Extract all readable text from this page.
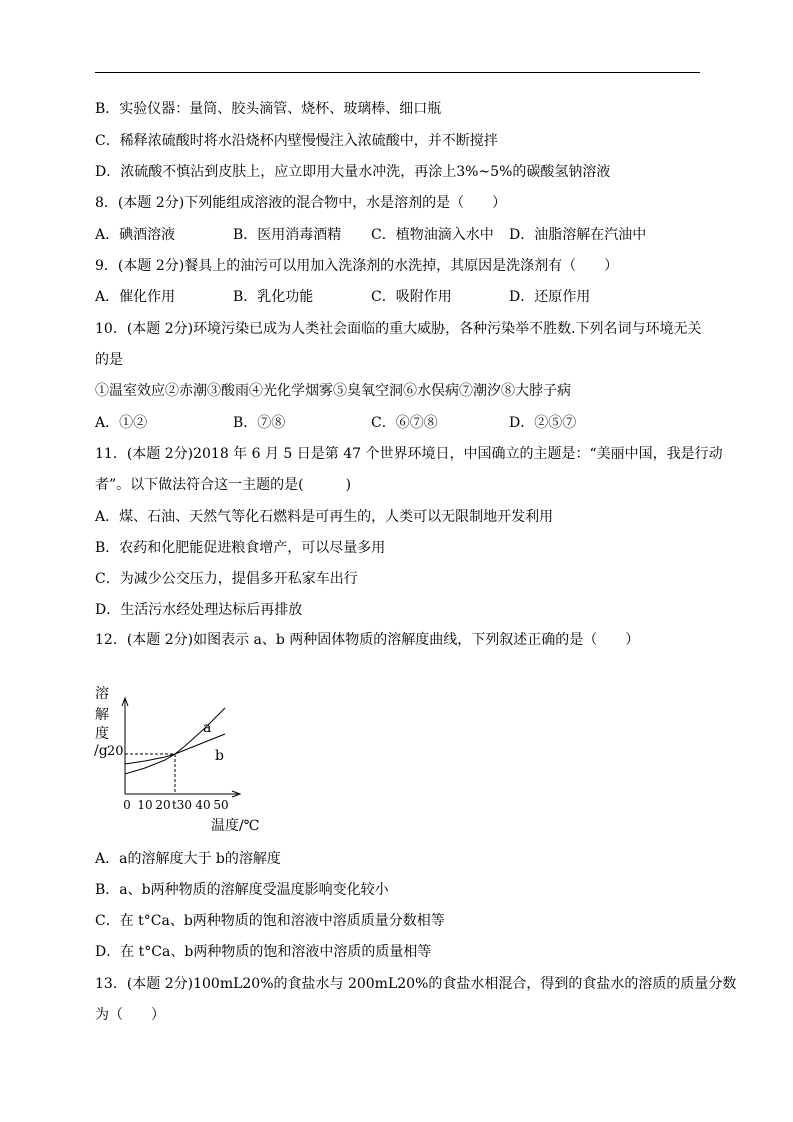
B．实验仪器：量筒、胶头滴管、烧杯、玻璃棒、细口瓶
C．稀释浓硫酸时将水沿烧杯内壁慢慢注入浓硫酸中，并不断搅拌
D．浓硫酸不慎沾到皮肤上，应立即用大量水冲洗，再涂上3%~5%的碳酸氢钠溶液
8．(本题 2分)下列能组成溶液的混合物中，水是溶剂的是（　　）
A．碘酒溶液	B．医用消毒酒精 C．植物油滴入水中 D．油脂溶解在汽油中
9．(本题 2分)餐具上的油污可以用加入洗涤剂的水洗掉，其原因是洗涤剂有（　　）
A．催化作用	B．乳化功能	C．吸附作用	D．还原作用
10．(本题 2分)环境污染已成为人类社会面临的重大威胁，各种污染举不胜数.下列名词与环境无关
的是
①温室效应②赤潮③酸雨④光化学烟雾⑤臭氧空洞⑥水俣病⑦潮汐⑧大脖子病
A．①②	B．⑦⑧	C．⑥⑦⑧	D．②⑤⑦
11．(本题 2分)2018 年 6 月 5 日是第 47 个世界环境日，中国确立的主题是：“美丽中国，我是行动
者”。以下做法符合这一主题的是(　　　)
A．煤、石油、天然气等化石燃料是可再生的，人类可以无限制地开发利用
B．农药和化肥能促进粮食增产，可以尽量多用
C．为减少公交压力，提倡多开私家车出行
D．生活污水经处理达标后再排放
12．(本题 2分)如图表示 a、b 两种固体物质的溶解度曲线，下列叙述正确的是（　　）
溶
解
度
/g 20
0 10 20 t30 40 50
温度/℃
a
b
A．a的溶解度大于 b的溶解度
B．a、b两种物质的溶解度受温度影响变化较小
C．在 t°Ca、b两种物质的饱和溶液中溶质质量分数相等
D．在 t°Ca、b两种物质的饱和溶液中溶质的质量相等
13．(本题 2分)100mL20%的食盐水与 200mL20%的食盐水相混合，得到的食盐水的溶质的质量分数
为（　　）
